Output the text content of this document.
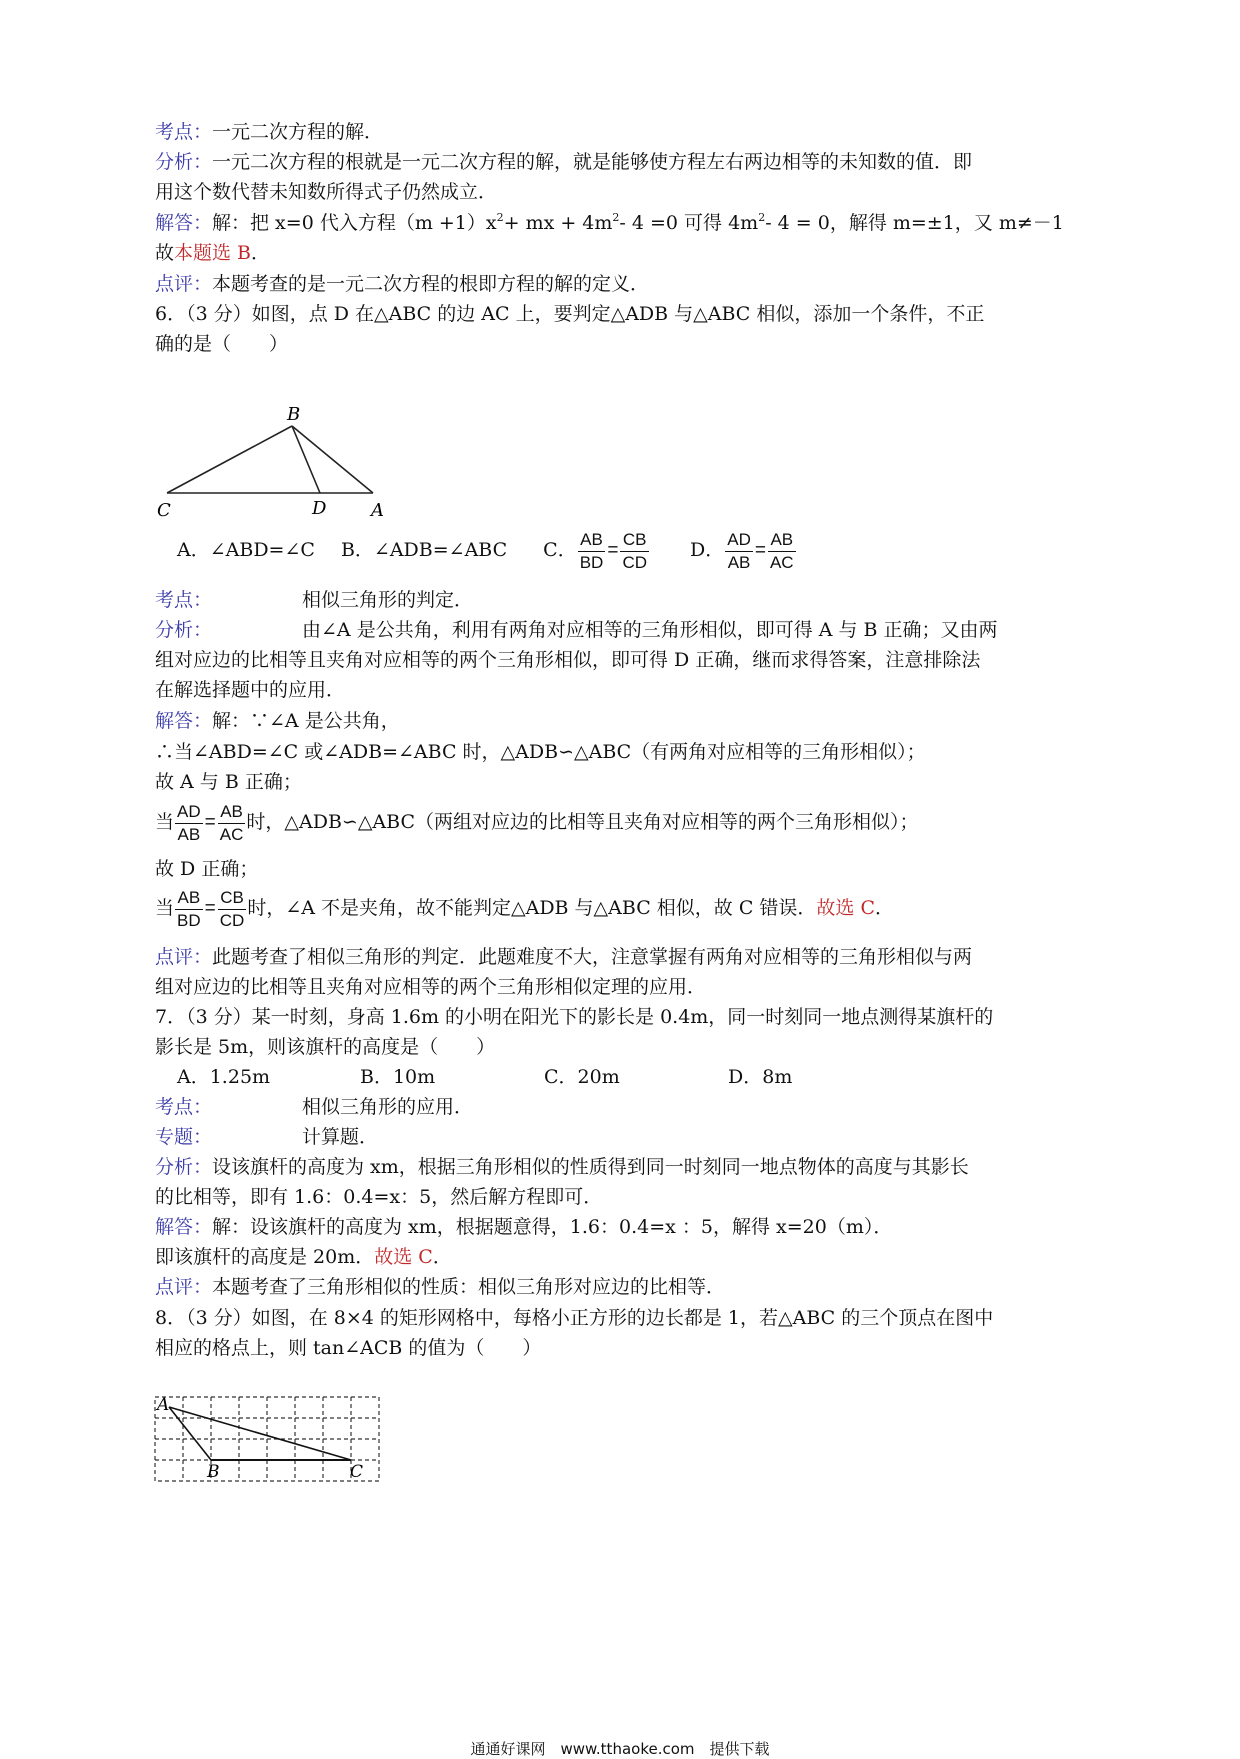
考点：一元二次方程的解．
分析：一元二次方程的根就是一元二次方程的解，就是能够使方程左右两边相等的未知数的值．即
用这个数代替未知数所得式子仍然成立．
解答：解：把 x=0 代入方程$(m +1)x^2+$ mx + $4m^2-$ 4 =0 可得 $4m^2-$ 4 = 0，解得 m=±1，又 m≠－1
故本题选 B．
点评：本题考查的是一元二次方程的根即方程的解的定义．
6．（3 分）如图，点 D 在△ABC 的边 AC 上，要判定△ADB 与△ABC 相似，添加一个条件，不正
确的是（　　）
B
C	D A
A．∠ABD=∠C B．∠ADB=∠ABC C． $\frac{AB}{BD} = \frac{CB}{CD}$ D． $\frac{AD}{AB} = \frac{AB}{AC}$
考点：	相似三角形的判定．
分析：	由∠A 是公共角，利用有两角对应相等的三角形相似，即可得 A 与 B 正确；又由两
组对应边的比相等且夹角对应相等的两个三角形相似，即可得 D 正确，继而求得答案，注意排除法
在解选择题中的应用．
解答：解：∵∠A 是公共角，
∴当∠ABD=∠C 或∠ADB=∠ABC 时，△ADB∽△ABC（有两角对应相等的三角形相似）；
故 A 与 B 正确；
当 $\frac{AD}{AB} = \frac{AB}{AC}$ 时，△ADB∽△ABC（两组对应边的比相等且夹角对应相等的两个三角形相似）；
故 D 正确；
当 $\frac{AB}{BD} = \frac{CB}{CD}$ 时，∠A 不是夹角，故不能判定△ADB 与△ABC 相似，故 C 错误．故选 C．
点评：此题考查了相似三角形的判定．此题难度不大，注意掌握有两角对应相等的三角形相似与两
组对应边的比相等且夹角对应相等的两个三角形相似定理的应用．
7．（3 分）某一时刻，身高 1.6m 的小明在阳光下的影长是 0.4m，同一时刻同一地点测得某旗杆的
影长是 5m，则该旗杆的高度是（　　）
A．1.25m	B．10m	C．20m	D．8m
考点：	相似三角形的应用．
专题：	计算题．
分析：设该旗杆的高度为 xm，根据三角形相似的性质得到同一时刻同一地点物体的高度与其影长
的比相等，即有 1.6：0.4=x：5，然后解方程即可．
解答：解：设该旗杆的高度为 xm，根据题意得，1.6：0.4=x ：5，解得 x=20（m）．
即该旗杆的高度是 20m．故选 C．
点评：本题考查了三角形相似的性质：相似三角形对应边的比相等．
8．（3 分）如图，在 8×4 的矩形网格中，每格小正方形的边长都是 1，若△ABC 的三个顶点在图中
相应的格点上，则 tan∠ACB 的值为（　　）
A
B	C
通通好课网　www.tthaoke.com　提供下载
